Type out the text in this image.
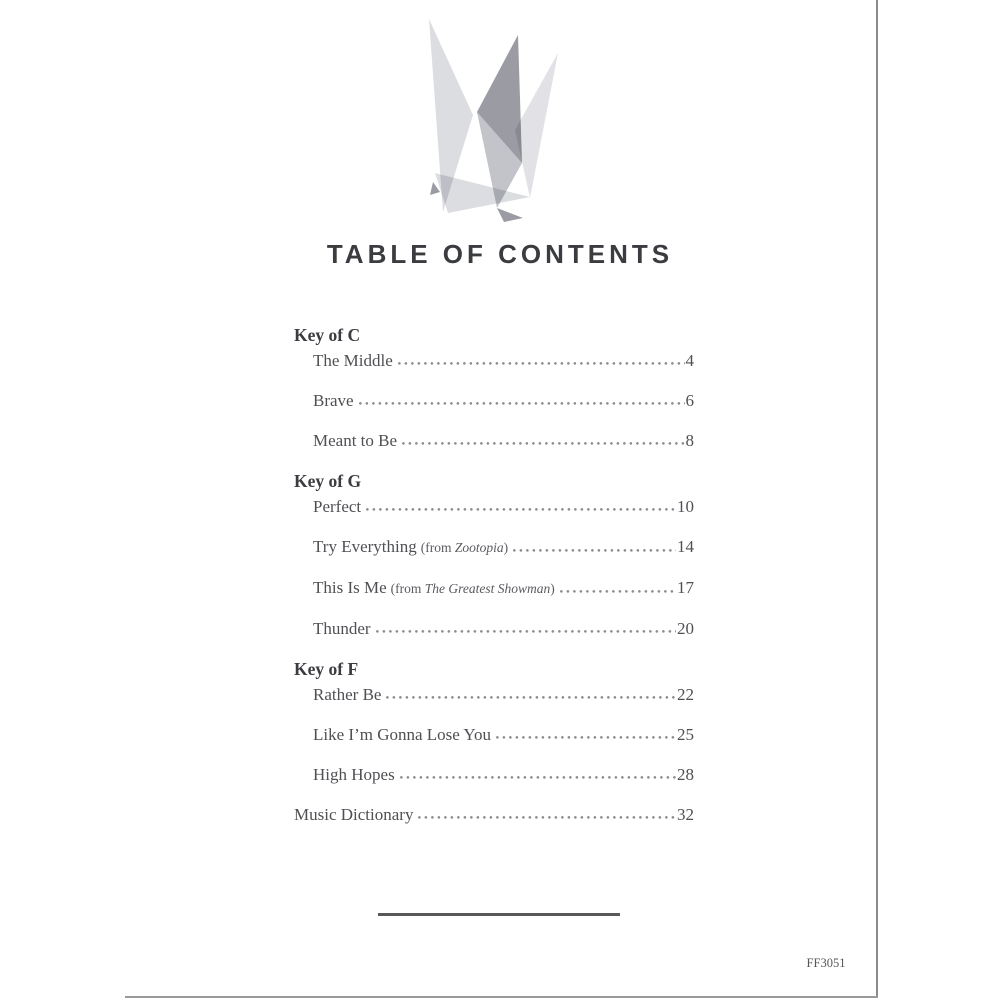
TABLE OF CONTENTS
Key of C
The Middle	4
Brave	6
Meant to Be	8
Key of G
Perfect	10
Try Everything (from Zootopia)	14
This Is Me (from The Greatest Showman)	17
Thunder	20
Key of F
Rather Be	22
Like I’m Gonna Lose You	25
High Hopes	28
Music Dictionary	32
FF3051
